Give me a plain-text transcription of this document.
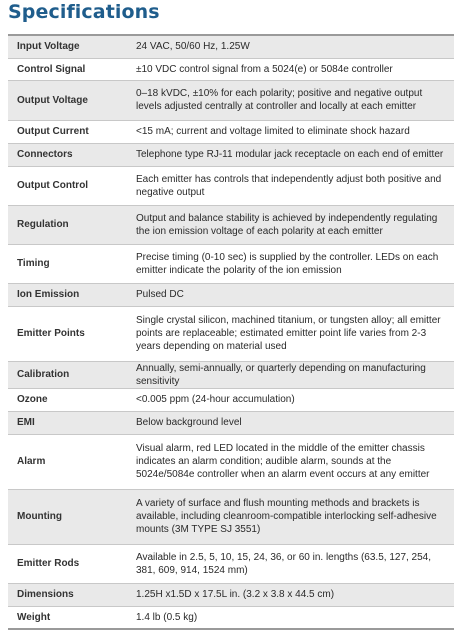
Specifications
Input Voltage	24 VAC, 50/60 Hz, 1.25W
Control Signal	±10 VDC control signal from a 5024(e) or 5084e controller
Output Voltage	0–18 kVDC, ±10% for each polarity; positive and negative output levels adjusted centrally at controller and locally at each emitter
Output Current	<15 mA; current and voltage limited to eliminate shock hazard
Connectors	Telephone type RJ-11 modular jack receptacle on each end of emitter
Output Control	Each emitter has controls that independently adjust both positive and negative output
Regulation	Output and balance stability is achieved by independently regulating the ion emission voltage of each polarity at each emitter
Timing	Precise timing (0-10 sec) is supplied by the controller. LEDs on each emitter indicate the polarity of the ion emission
Ion Emission	Pulsed DC
Emitter Points	Single crystal silicon, machined titanium, or tungsten alloy; all emitter points are replaceable; estimated emitter point life varies from 2-3 years depending on material used
Calibration	Annually, semi-annually, or quarterly depending on manufacturing sensitivity
Ozone	<0.005 ppm (24-hour accumulation)
EMI	Below background level
Alarm	Visual alarm, red LED located in the middle of the emitter chassis indicates an alarm condition; audible alarm, sounds at the 5024e/5084e controller when an alarm event occurs at any emitter
Mounting	A variety of surface and flush mounting methods and brackets is available, including cleanroom-compatible interlocking self-adhesive mounts (3M TYPE SJ 3551)
Emitter Rods	Available in 2.5, 5, 10, 15, 24, 36, or 60 in. lengths (63.5, 127, 254, 381, 609, 914, 1524 mm)
Dimensions	1.25H x1.5D x 17.5L in. (3.2 x 3.8 x 44.5 cm)
Weight	1.4 lb (0.5 kg)
